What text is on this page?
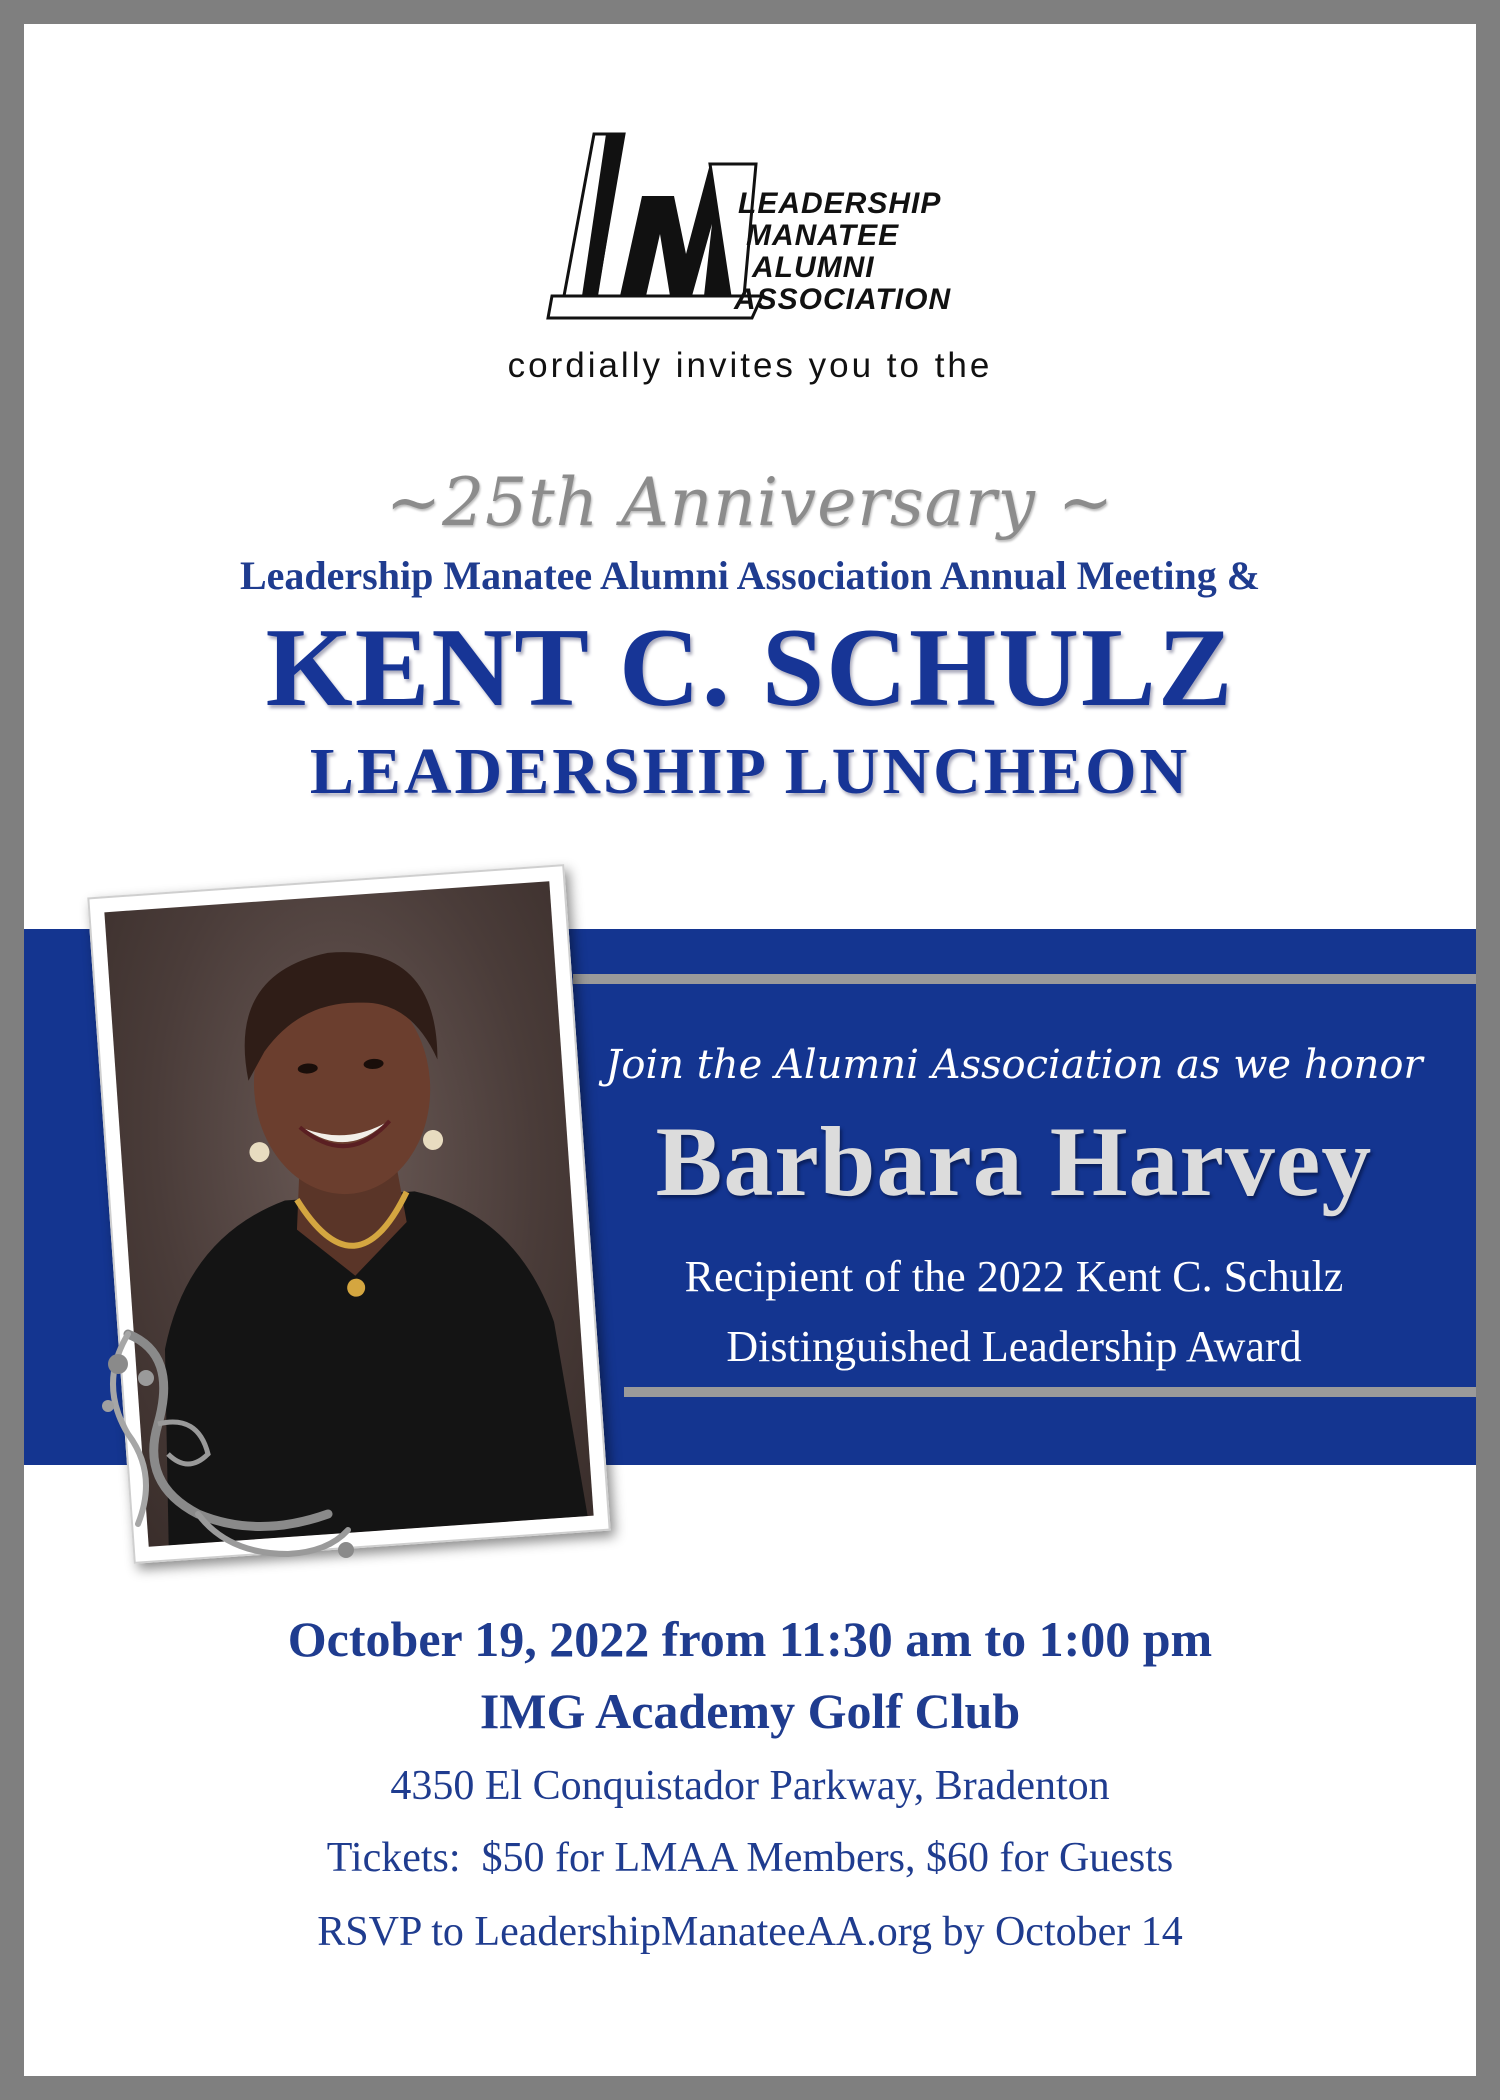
LEADERSHIP
MANATEE
ALUMNI
ASSOCIATION
cordially invites you to the
~25th Anniversary ~
Leadership Manatee Alumni Association Annual Meeting &
KENT C. SCHULZ
LEADERSHIP LUNCHEON
Join the Alumni Association as we honor
Barbara Harvey
Recipient of the 2022 Kent C. Schulz
Distinguished Leadership Award
October 19, 2022 from 11:30 am to 1:00 pm
IMG Academy Golf Club
4350 El Conquistador Parkway, Bradenton
Tickets:  $50 for LMAA Members, $60 for Guests
RSVP to LeadershipManateeAA.org by October 14
